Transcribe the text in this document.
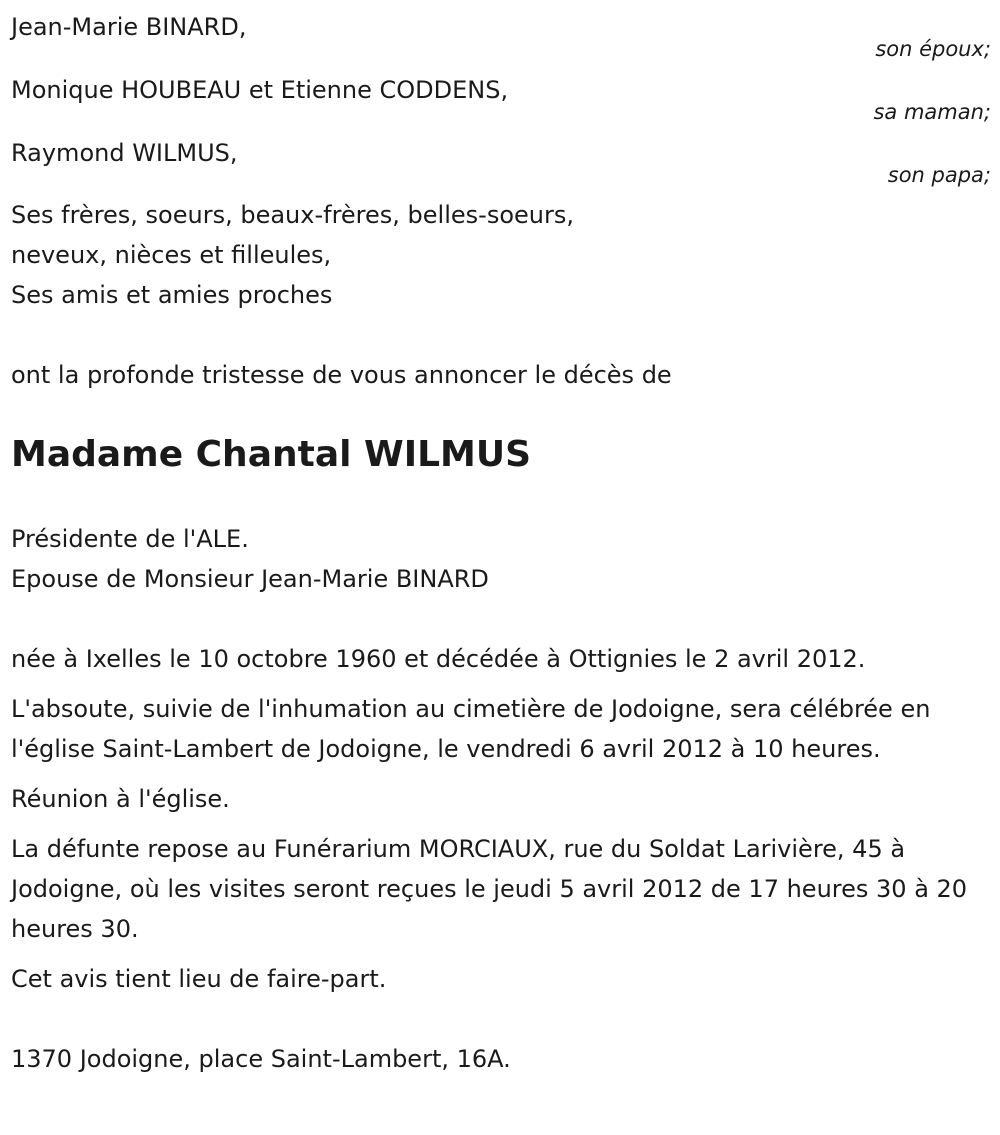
Jean-Marie BINARD,
son époux;
Monique HOUBEAU et Etienne CODDENS,
sa maman;
Raymond WILMUS,
son papa;
Ses frères, soeurs, beaux-frères, belles-soeurs,
neveux, nièces et filleules,
Ses amis et amies proches
ont la profonde tristesse de vous annoncer le décès de
Madame Chantal WILMUS
Présidente de l'ALE.
Epouse de Monsieur Jean-Marie BINARD
née à Ixelles le 10 octobre 1960 et décédée à Ottignies le 2 avril 2012.
L'absoute, suivie de l'inhumation au cimetière de Jodoigne, sera célébrée en l'église Saint-Lambert de Jodoigne, le vendredi 6 avril 2012 à 10 heures.
Réunion à l'église.
La défunte repose au Funérarium MORCIAUX, rue du Soldat Larivière, 45 à Jodoigne, où les visites seront reçues le jeudi 5 avril 2012 de 17 heures 30 à 20 heures 30.
Cet avis tient lieu de faire-part.
1370 Jodoigne, place Saint-Lambert, 16A.
